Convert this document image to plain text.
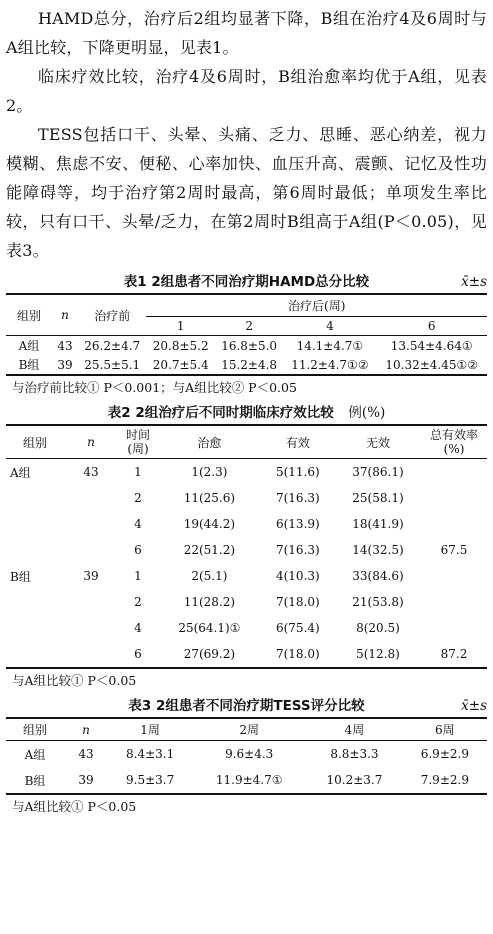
HAMD总分，治疗后2组均显著下降，B组在治疗4及6周时与A组比较，下降更明显，见表1。

临床疗效比较，治疗4及6周时，B组治愈率均优于A组，见表2。

TESS包括口干、头晕、头痛、乏力、思睡、恶心纳差，视力模糊、焦虑不安、便秘、心率加快、血压升高、震颤、记忆及性功能障碍等，均于治疗第2周时最高，第6周时最低；单项发生率比较，只有口干、头晕/乏力，在第2周时B组高于A组(P＜0.05)，见表3。

表1 2组患者不同治疗期HAMD总分比较	x̄±s
组别	n	治疗前	治疗后(周)			
			1	2	4	6
A组	43	26.2±4.7	20.8±5.2	16.8±5.0	14.1±4.7①	13.54±4.64①
B组	39	25.5±5.1	20.7±5.4	15.2±4.8	11.2±4.7①②	10.32±4.45①②
与治疗前比较① P＜0.001；与A组比较② P＜0.05
表2 2组治疗后不同时期临床疗效比较 例(%)
组别	n	时间(周)	治愈	有效	无效	总有效率(%)
A组	43	1	1(2.3)	5(11.6)	37(86.1)	
		2	11(25.6)	7(16.3)	25(58.1)	
		4	19(44.2)	6(13.9)	18(41.9)	
		6	22(51.2)	7(16.3)	14(32.5)	67.5
B组	39	1	2(5.1)	4(10.3)	33(84.6)	
		2	11(28.2)	7(18.0)	21(53.8)	
		4	25(64.1)①	6(75.4)	8(20.5)	
		6	27(69.2)	7(18.0)	5(12.8)	87.2
与A组比较① P＜0.05
表3 2组患者不同治疗期TESS评分比较	x̄±s
组别	n	1周	2周	4周	6周
A组	43	8.4±3.1	9.6±4.3	8.8±3.3	6.9±2.9
B组	39	9.5±3.7	11.9±4.7①	10.2±3.7	7.9±2.9
与A组比较① P＜0.05
